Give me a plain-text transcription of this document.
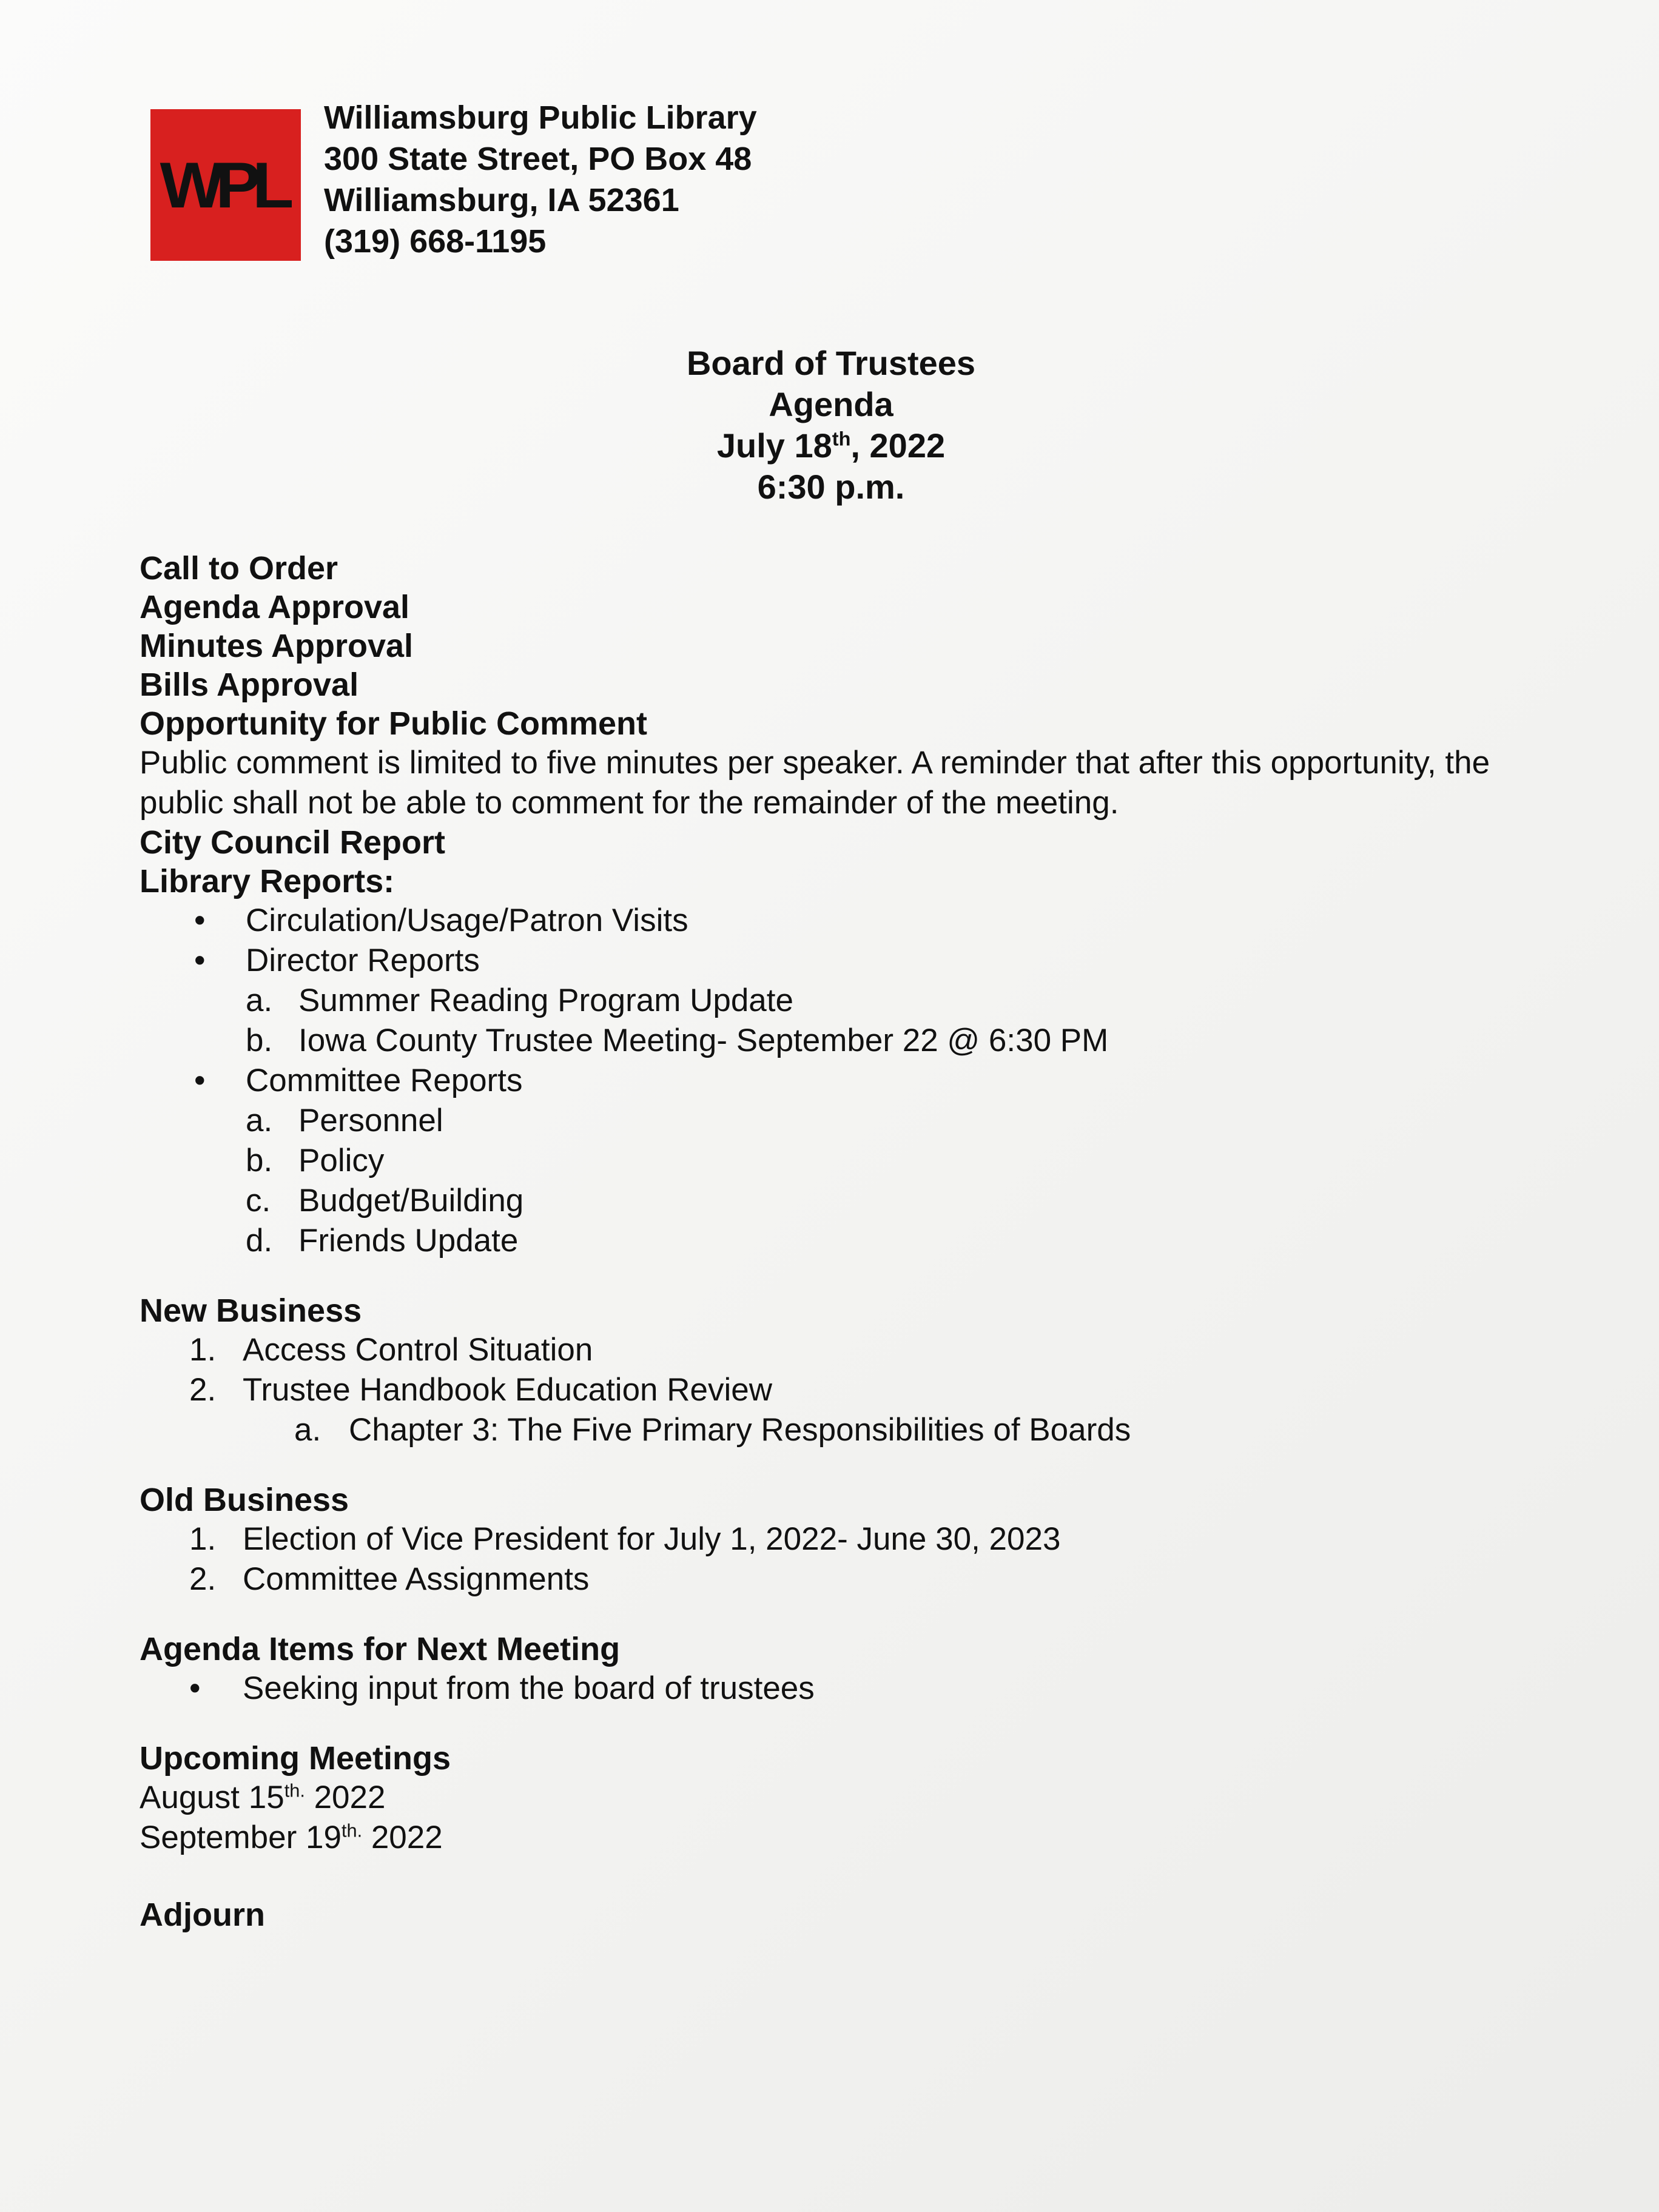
WPL
Williamsburg Public Library
300 State Street, PO Box 48
Williamsburg, IA 52361
(319) 668-1195
Board of Trustees
Agenda
July 18th, 2022
6:30 p.m.
Call to Order
Agenda Approval
Minutes Approval
Bills Approval
Opportunity for Public Comment
Public comment is limited to five minutes per speaker. A reminder that after this opportunity, the public shall not be able to comment for the remainder of the meeting.
City Council Report
Library Reports:
• Circulation/Usage/Patron Visits
• Director Reports
a. Summer Reading Program Update
b. Iowa County Trustee Meeting- September 22 @ 6:30 PM
• Committee Reports
a. Personnel
b. Policy
c. Budget/Building
d. Friends Update
New Business
1. Access Control Situation
2. Trustee Handbook Education Review
a. Chapter 3: The Five Primary Responsibilities of Boards
Old Business
1. Election of Vice President for July 1, 2022- June 30, 2023
2. Committee Assignments
Agenda Items for Next Meeting
• Seeking input from the board of trustees
Upcoming Meetings
August $15^{th.}$ 2022
September $19^{th.}$ 2022
Adjourn
